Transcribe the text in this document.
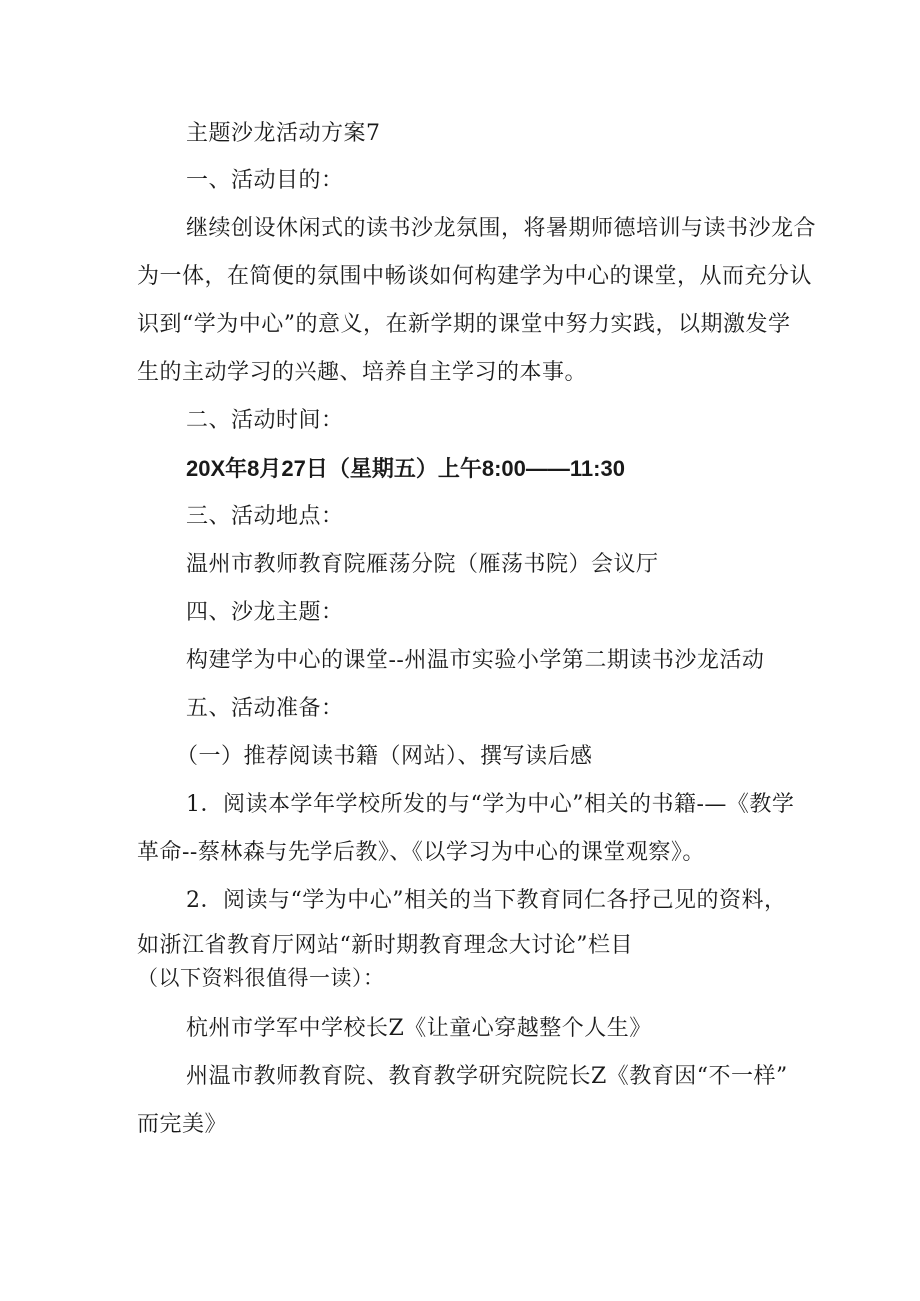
主题沙龙活动方案7
一、活动目的：
继续创设休闲式的读书沙龙氛围，将暑期师德培训与读书沙龙合
为一体，在简便的氛围中畅谈如何构建学为中心的课堂，从而充分认
识到“学为中心”的意义，在新学期的课堂中努力实践，以期激发学
生的主动学习的兴趣、培养自主学习的本事。
二、活动时间：
20X年8月27日（星期五）上午8:00——11:30
三、活动地点：
温州市教师教育院雁荡分院（雁荡书院）会议厅
四、沙龙主题：
构建学为中心的课堂--州温市实验小学第二期读书沙龙活动
五、活动准备：
（一）推荐阅读书籍（网站）、撰写读后感
1．阅读本学年学校所发的与“学为中心”相关的书籍-—《教学
革命--蔡林森与先学后教》、《以学习为中心的课堂观察》。
2．阅读与“学为中心”相关的当下教育同仁各抒己见的资料，
如浙江省教育厅网站“新时期教育理念大讨论”栏目
（以下资料很值得一读）：
杭州市学军中学校长Z《让童心穿越整个人生》
州温市教师教育院、教育教学研究院院长Z《教育因“不一样”
而完美》
